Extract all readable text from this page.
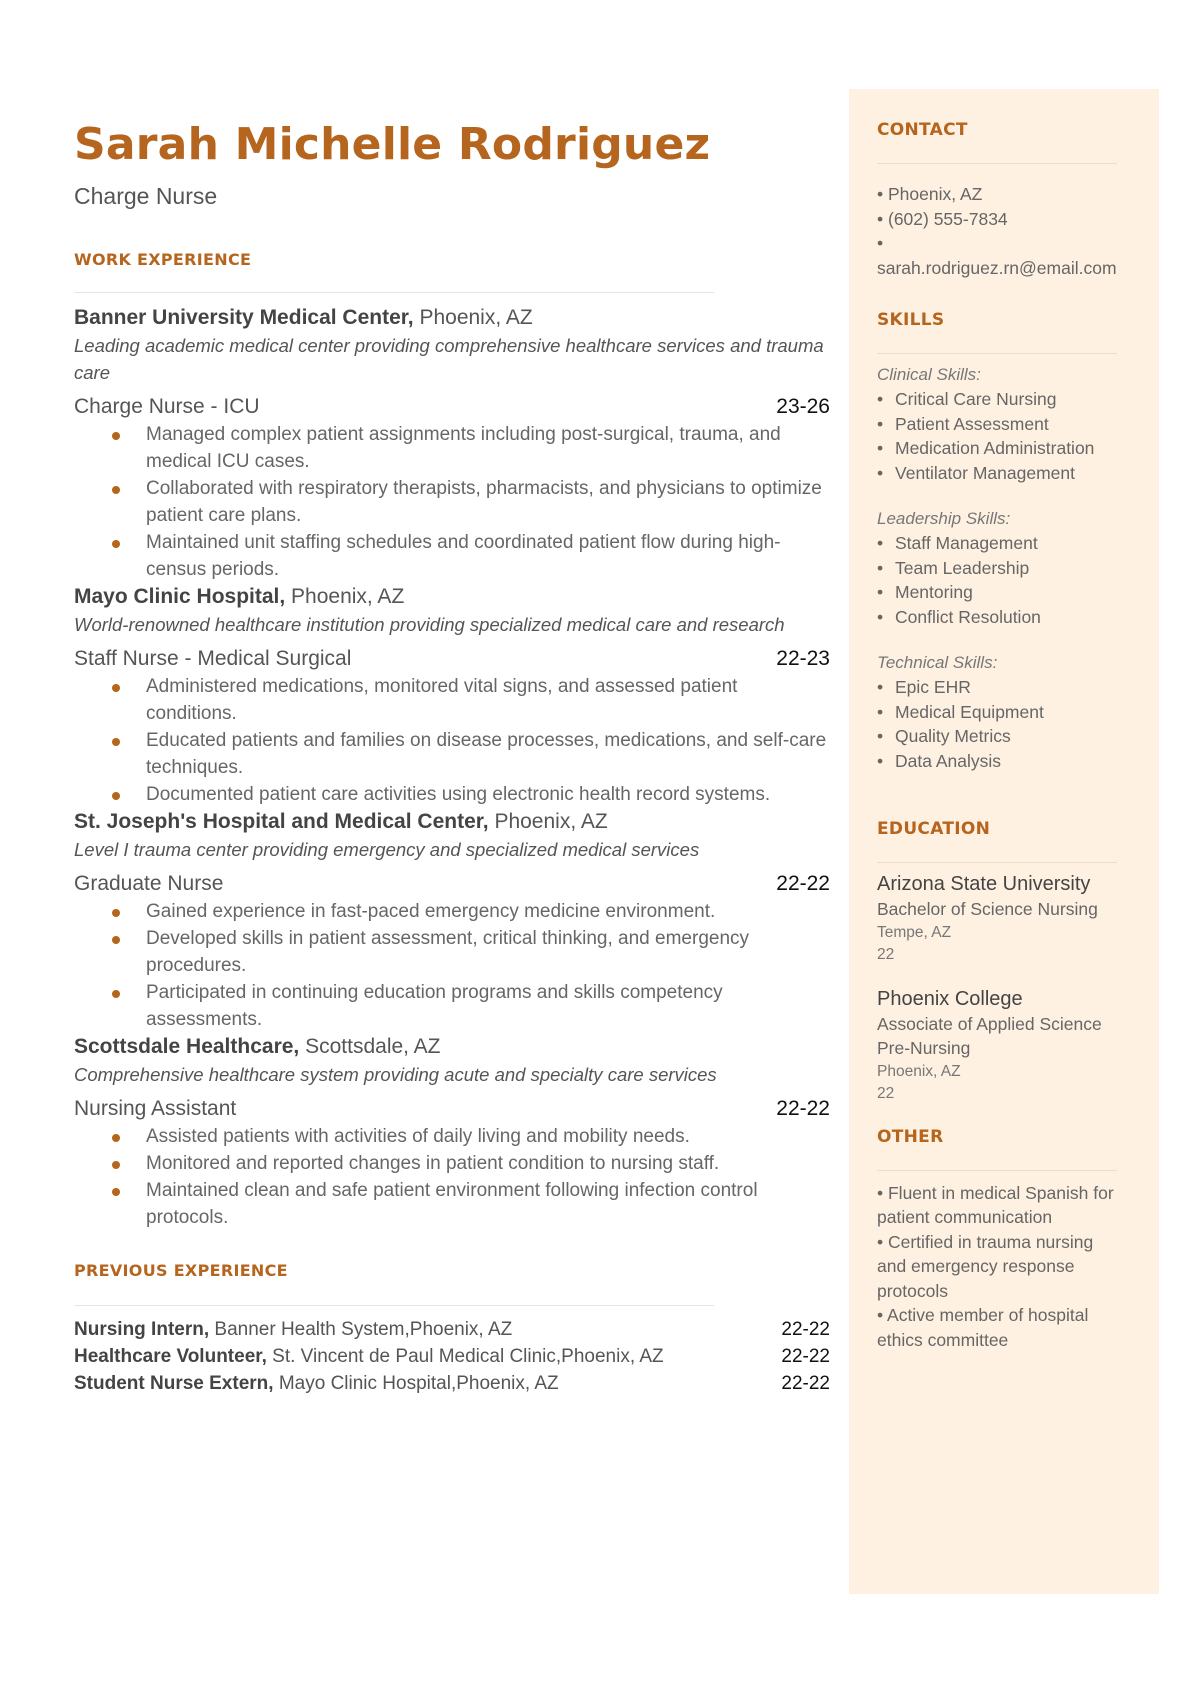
Sarah Michelle Rodriguez
Charge Nurse
WORK EXPERIENCE
Banner University Medical Center, Phoenix, AZ
Leading academic medical center providing comprehensive healthcare services and trauma care
Charge Nurse - ICU	23-26
Managed complex patient assignments including post-surgical, trauma, and medical ICU cases.
Collaborated with respiratory therapists, pharmacists, and physicians to optimize patient care plans.
Maintained unit staffing schedules and coordinated patient flow during high-census periods.
Mayo Clinic Hospital, Phoenix, AZ
World-renowned healthcare institution providing specialized medical care and research
Staff Nurse - Medical Surgical	22-23
Administered medications, monitored vital signs, and assessed patient conditions.
Educated patients and families on disease processes, medications, and self-care techniques.
Documented patient care activities using electronic health record systems.
St. Joseph's Hospital and Medical Center, Phoenix, AZ
Level I trauma center providing emergency and specialized medical services
Graduate Nurse	22-22
Gained experience in fast-paced emergency medicine environment.
Developed skills in patient assessment, critical thinking, and emergency procedures.
Participated in continuing education programs and skills competency assessments.
Scottsdale Healthcare, Scottsdale, AZ
Comprehensive healthcare system providing acute and specialty care services
Nursing Assistant	22-22
Assisted patients with activities of daily living and mobility needs.
Monitored and reported changes in patient condition to nursing staff.
Maintained clean and safe patient environment following infection control protocols.
PREVIOUS EXPERIENCE
Nursing Intern, Banner Health System,Phoenix, AZ	22-22
Healthcare Volunteer, St. Vincent de Paul Medical Clinic,Phoenix, AZ	22-22
Student Nurse Extern, Mayo Clinic Hospital,Phoenix, AZ	22-22
CONTACT
• Phoenix, AZ
• (602) 555-7834
•
sarah.rodriguez.rn@email.com
SKILLS
Clinical Skills:
• Critical Care Nursing
• Patient Assessment
• Medication Administration
• Ventilator Management
Leadership Skills:
• Staff Management
• Team Leadership
• Mentoring
• Conflict Resolution
Technical Skills:
• Epic EHR
• Medical Equipment
• Quality Metrics
• Data Analysis
EDUCATION
Arizona State University
Bachelor of Science Nursing
Tempe, AZ
22
Phoenix College
Associate of Applied Science Pre-Nursing
Phoenix, AZ
22
OTHER
• Fluent in medical Spanish for patient communication
• Certified in trauma nursing and emergency response protocols
• Active member of hospital ethics committee
